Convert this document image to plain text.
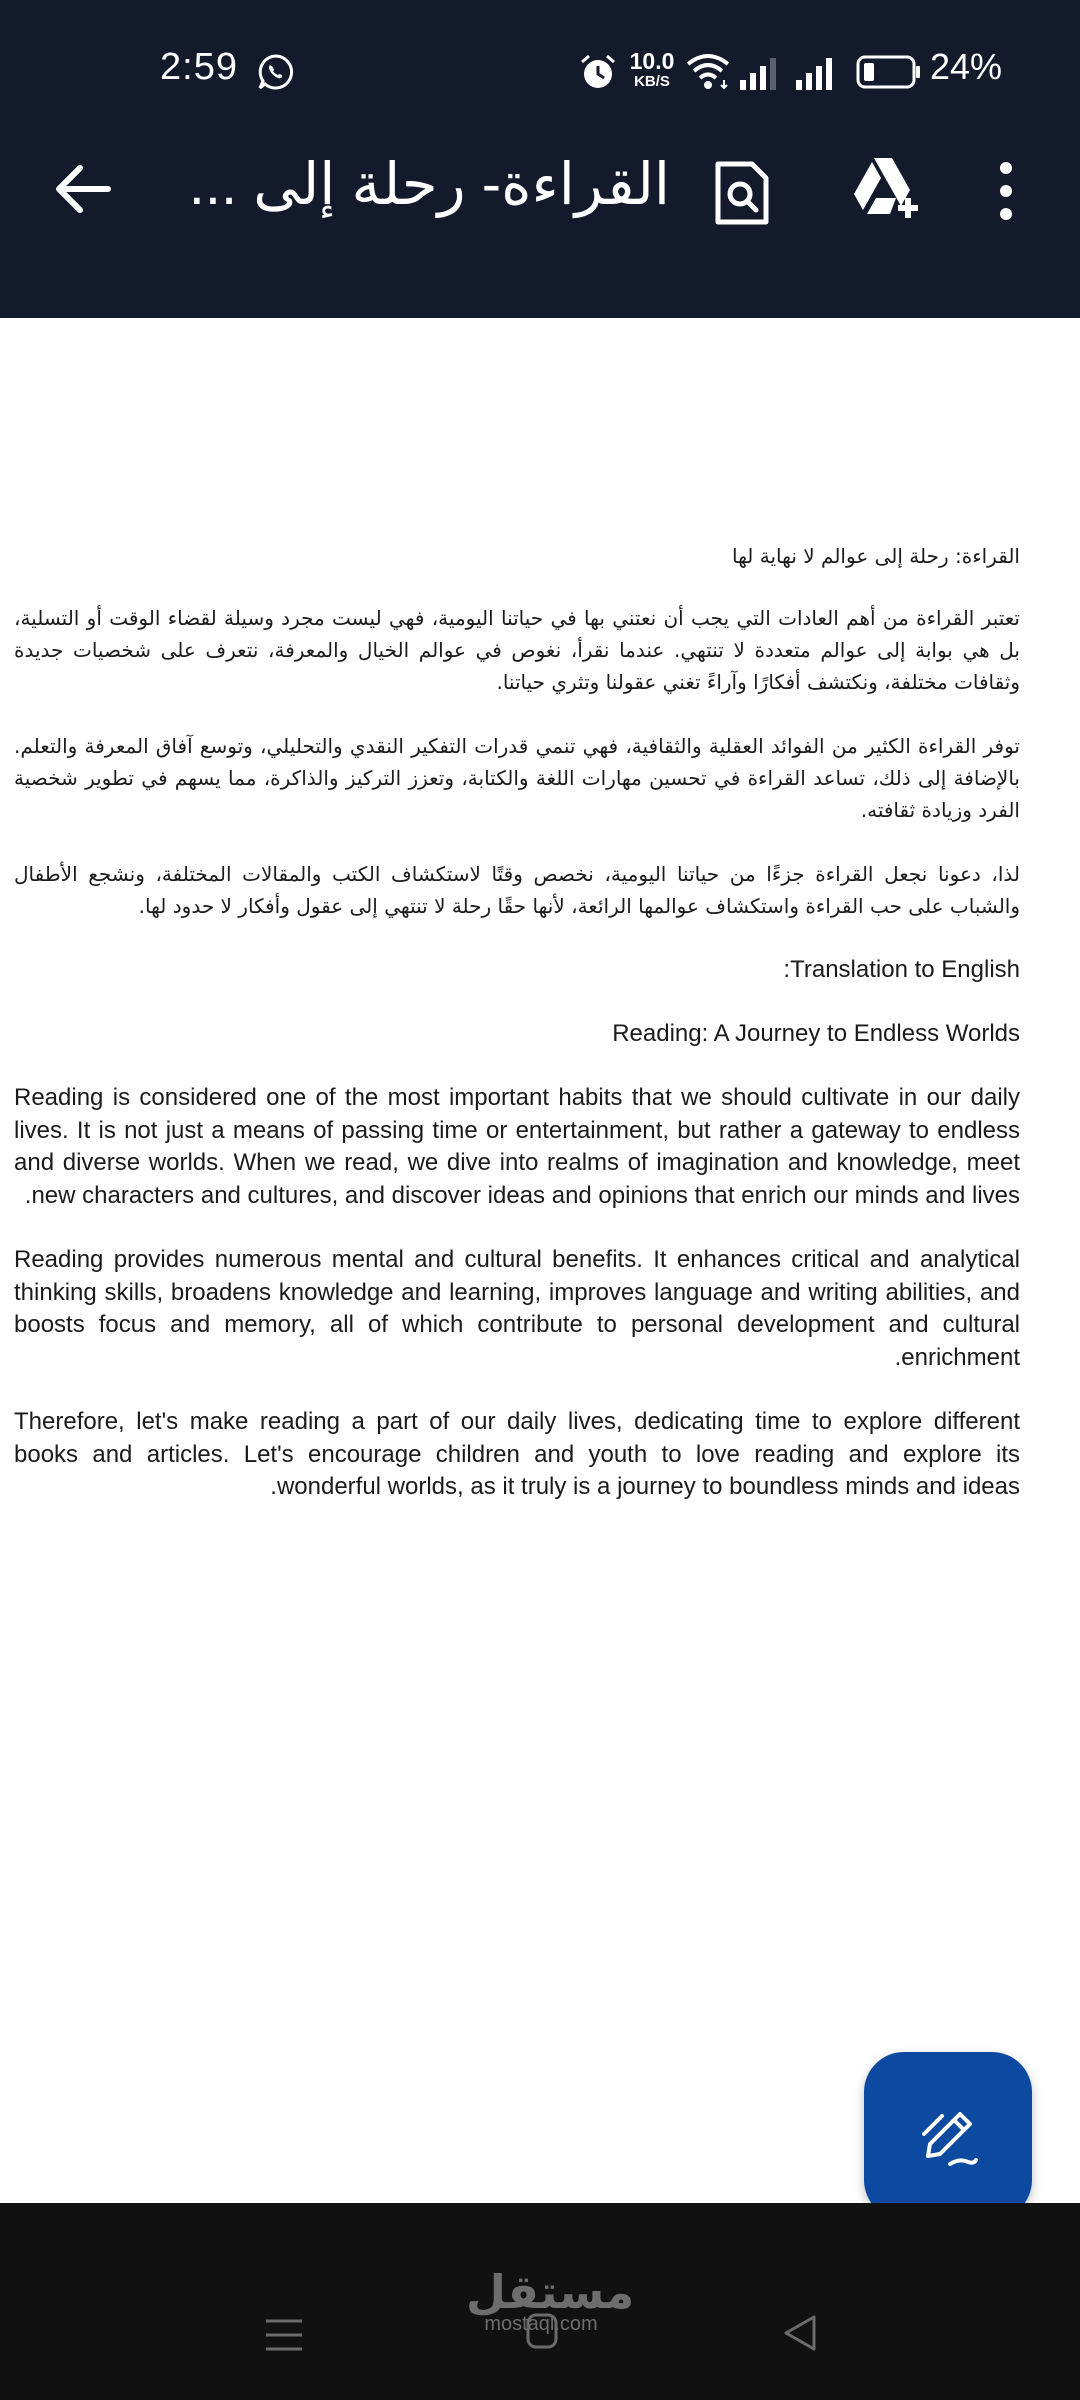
2:59	10.0
KB/S	24%
القراءة- رحلة إلى ...

القراءة: رحلة إلى عوالم لا نهاية لها

تعتبر القراءة من أهم العادات التي يجب أن نعتني بها في حياتنا اليومية، فهي ليست مجرد وسيلة لقضاء الوقت أو التسلية، بل هي بوابة إلى عوالم متعددة لا تنتهي. عندما نقرأ، نغوص في عوالم الخيال والمعرفة، نتعرف على شخصيات جديدة وثقافات مختلفة، ونكتشف أفكارًا وآراءً تغني عقولنا وتثري حياتنا.

توفر القراءة الكثير من الفوائد العقلية والثقافية، فهي تنمي قدرات التفكير النقدي والتحليلي، وتوسع آفاق المعرفة والتعلم. بالإضافة إلى ذلك، تساعد القراءة في تحسين مهارات اللغة والكتابة، وتعزز التركيز والذاكرة، مما يسهم في تطوير شخصية الفرد وزيادة ثقافته.

لذا، دعونا نجعل القراءة جزءًا من حياتنا اليومية، نخصص وقتًا لاستكشاف الكتب والمقالات المختلفة، ونشجع الأطفال والشباب على حب القراءة واستكشاف عوالمها الرائعة، لأنها حقًا رحلة لا تنتهي إلى عقول وأفكار لا حدود لها.

Translation to English:

Reading: A Journey to Endless Worlds

Reading is considered one of the most important habits that we should cultivate in our daily lives. It is not just a means of passing time or entertainment, but rather a gateway to endless and diverse worlds. When we read, we dive into realms of imagination and knowledge, meet new characters and cultures, and discover ideas and opinions that enrich our minds and lives.

Reading provides numerous mental and cultural benefits. It enhances critical and analytical thinking skills, broadens knowledge and learning, improves language and writing abilities, and boosts focus and memory, all of which contribute to personal development and cultural enrichment.

Therefore, let's make reading a part of our daily lives, dedicating time to explore different books and articles. Let's encourage children and youth to love reading and explore its wonderful worlds, as it truly is a journey to boundless minds and ideas.

مستقل
mostaql.com
